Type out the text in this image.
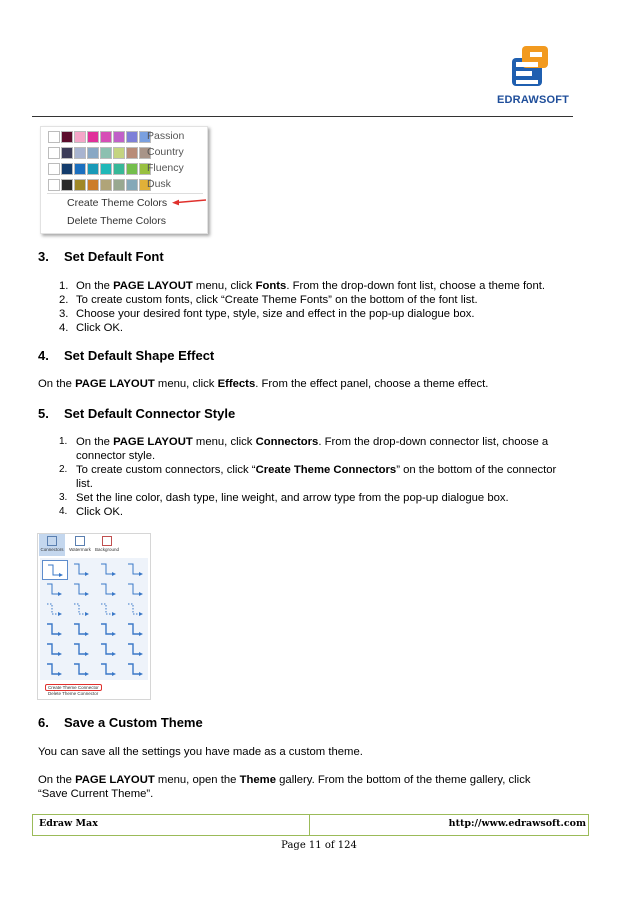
EDRAWSOFT
Passion
Country
Fluency
Dusk
Create Theme Colors
Delete Theme Colors
3. Set Default Font
1. On the PAGE LAYOUT menu, click Fonts. From the drop-down font list, choose a theme font.
2. To create custom fonts, click “Create Theme Fonts” on the bottom of the font list.
3. Choose your desired font type, style, size and effect in the pop-up dialogue box.
4. Click OK.
4. Set Default Shape Effect
On the PAGE LAYOUT menu, click Effects. From the effect panel, choose a theme effect.
5. Set Default Connector Style
1. On the PAGE LAYOUT menu, click Connectors. From the drop-down connector list, choose a
connector style.
2. To create custom connectors, click “Create Theme Connectors” on the bottom of the connector
list.
3. Set the line color, dash type, line weight, and arrow type from the pop-up dialogue box.
4. Click OK.
Connectors	Watermark Background
Create Theme Connector
Delete Theme Connector
6. Save a Custom Theme
You can save all the settings you have made as a custom theme.
On the PAGE LAYOUT menu, open the Theme gallery. From the bottom of the theme gallery, click
“Save Current Theme”.
Edraw Max	http://www.edrawsoft.com
Page 11 of 124
